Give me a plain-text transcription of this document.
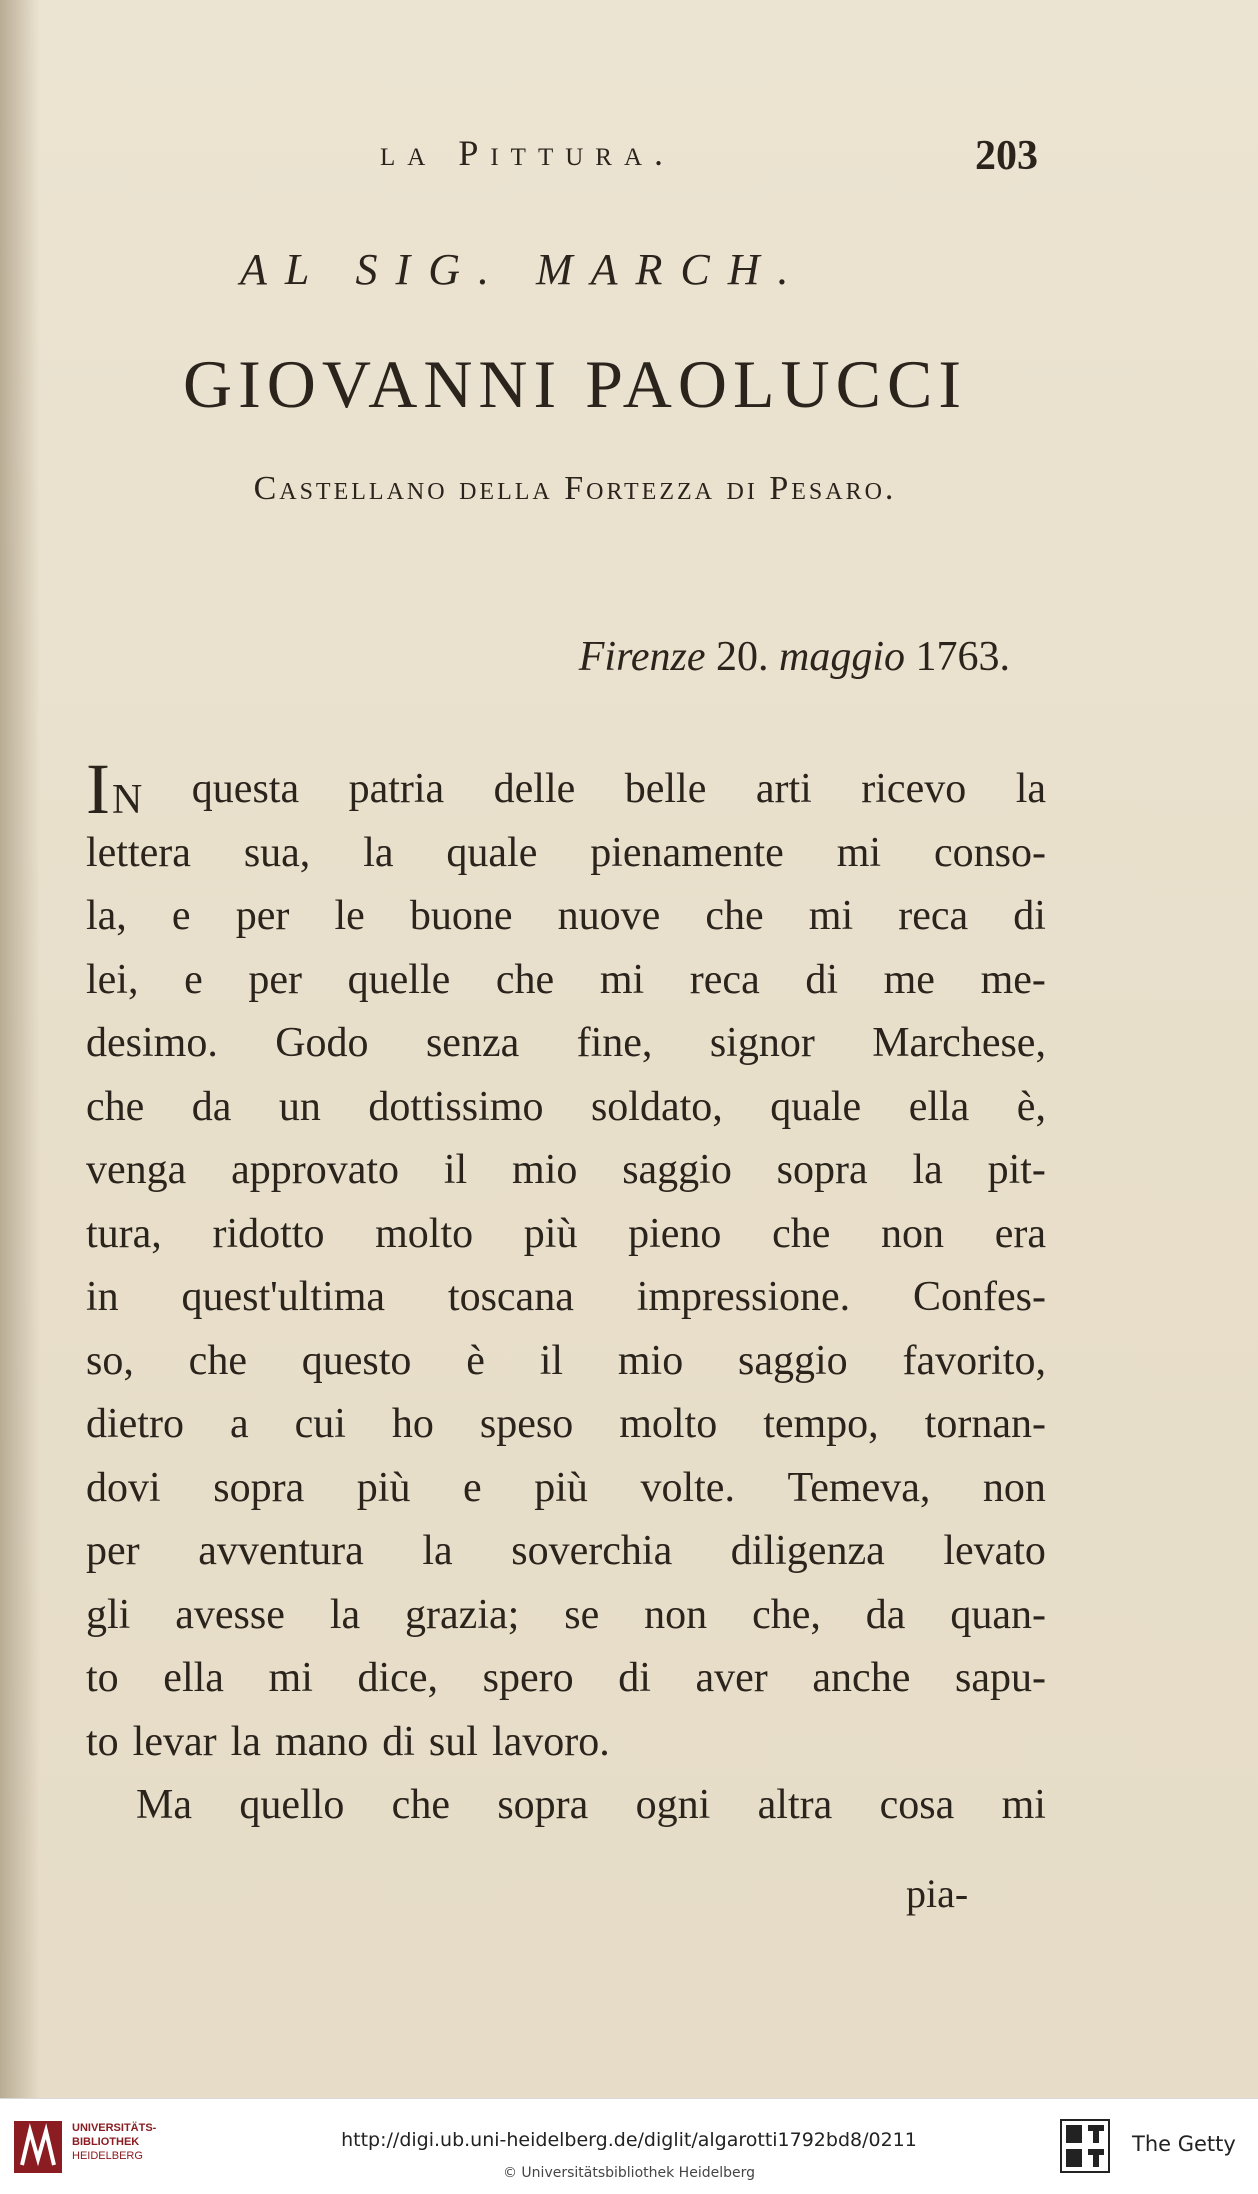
la Pittura.	203
AL SIG. MARCH.
GIOVANNI PAOLUCCI
Castellano della Fortezza di Pesaro.
Firenze 20. maggio 1763.
IN questa patria delle belle arti ricevo la
lettera sua, la quale pienamente mi conso-
la, e per le buone nuove che mi reca di
lei, e per quelle che mi reca di me me-
desimo. Godo senza fine, signor Marchese,
che da un dottissimo soldato, quale ella è,
venga approvato il mio saggio sopra la pit-
tura, ridotto molto più pieno che non era
in quest'ultima toscana impressione. Confes-
so, che questo è il mio saggio favorito,
dietro a cui ho speso molto tempo, tornan-
dovi sopra più e più volte. Temeva, non
per avventura la soverchia diligenza levato
gli avesse la grazia; se non che, da quan-
to ella mi dice, spero di aver anche sapu-
to levar la mano di sul lavoro.
Ma quello che sopra ogni altra cosa mi
pia-
UNIVERSITÄTS-
BIBLIOTHEK
HEIDELBERG
http://digi.ub.uni-heidelberg.de/diglit/algarotti1792bd8/0211
© Universitätsbibliothek Heidelberg
The Getty
